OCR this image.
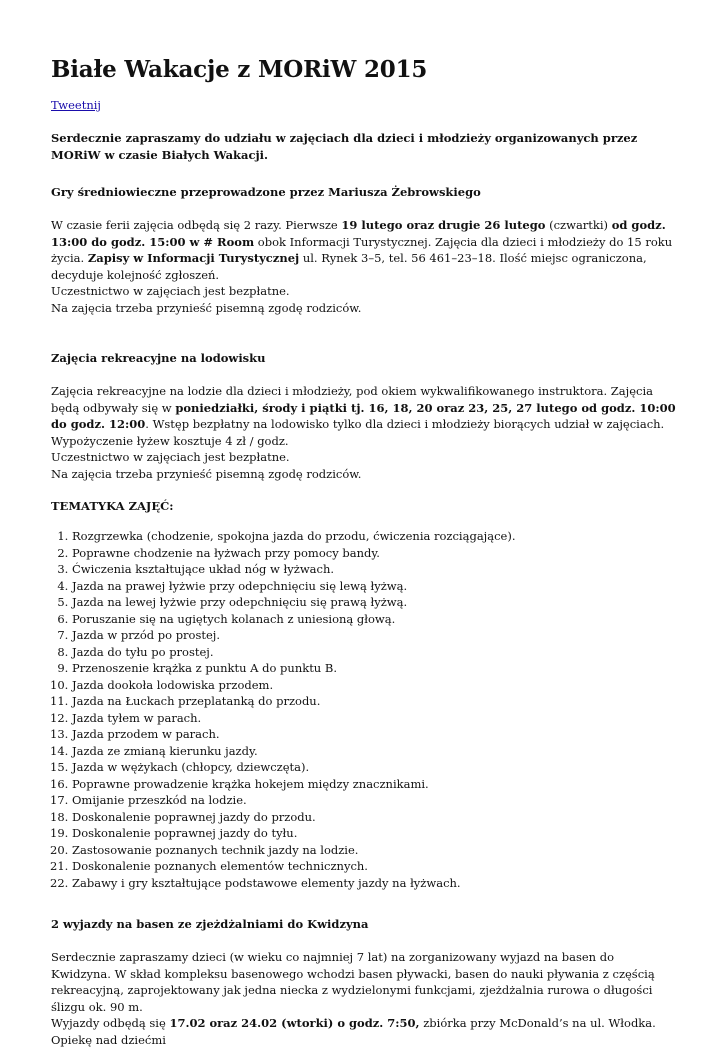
Białe Wakacje z MORiW 2015
Tweetnij

Serdecznie zapraszamy do udziału w zajęciach dla dzieci i młodzieży organizowanych przez MORiW w czasie Białych Wakacji.

Gry średniowieczne przeprowadzone przez Mariusza Żebrowskiego

W czasie ferii zajęcia odbędą się 2 razy. Pierwsze 19 lutego oraz drugie 26 lutego (czwartki) od godz. 13:00 do godz. 15:00 w # Room obok Informacji Turystycznej. Zajęcia dla dzieci i młodzieży do 15 roku życia. Zapisy w Informacji Turystycznej ul. Rynek 3–5, tel. 56 461–23–18. Ilość miejsc ograniczona, decyduje kolejność zgłoszeń.
Uczestnictwo w zajęciach jest bezpłatne.
Na zajęcia trzeba przynieść pisemną zgodę rodziców.

Zajęcia rekreacyjne na lodowisku

Zajęcia rekreacyjne na lodzie dla dzieci i młodzieży, pod okiem wykwalifikowanego instruktora. Zajęcia będą odbywały się w poniedziałki, środy i piątki tj. 16, 18, 20 oraz 23, 25, 27 lutego od godz. 10:00 do godz. 12:00. Wstęp bezpłatny na lodowisko tylko dla dzieci i młodzieży biorących udział w zajęciach. Wypożyczenie łyżew kosztuje 4 zł / godz.
Uczestnictwo w zajęciach jest bezpłatne.
Na zajęcia trzeba przynieść pisemną zgodę rodziców.

TEMATYKA ZAJĘĆ:

1. Rozgrzewka (chodzenie, spokojna jazda do przodu, ćwiczenia rozciągające).
2. Poprawne chodzenie na łyżwach przy pomocy bandy.
3. Ćwiczenia kształtujące układ nóg w łyżwach.
4. Jazda na prawej łyżwie przy odepchnięciu się lewą łyżwą.
5. Jazda na lewej łyżwie przy odepchnięciu się prawą łyżwą.
6. Poruszanie się na ugiętych kolanach z uniesioną głową.
7. Jazda w przód po prostej.
8. Jazda do tyłu po prostej.
9. Przenoszenie krążka z punktu A do punktu B.
10. Jazda dookoła lodowiska przodem.
11. Jazda na Łuckach przeplatanką do przodu.
12. Jazda tyłem w parach.
13. Jazda przodem w parach.
14. Jazda ze zmianą kierunku jazdy.
15. Jazda w wężykach (chłopcy, dziewczęta).
16. Poprawne prowadzenie krążka hokejem między znacznikami.
17. Omijanie przeszkód na lodzie.
18. Doskonalenie poprawnej jazdy do przodu.
19. Doskonalenie poprawnej jazdy do tyłu.
20. Zastosowanie poznanych technik jazdy na lodzie.
21. Doskonalenie poznanych elementów technicznych.
22. Zabawy i gry kształtujące podstawowe elementy jazdy na łyżwach.

2 wyjazdy na basen ze zjeżdżalniami do Kwidzyna

Serdecznie zapraszamy dzieci (w wieku co najmniej 7 lat) na zorganizowany wyjazd na basen do Kwidzyna. W skład kompleksu basenowego wchodzi basen pływacki, basen do nauki pływania z częścią rekreacyjną, zaprojektowany jak jedna niecka z wydzielonymi funkcjami, zjeżdżalnia rurowa o długości ślizgu ok. 90 m.
Wyjazdy odbędą się 17.02 oraz 24.02 (wtorki) o godz. 7:50, zbiórka przy McDonald’s na ul. Włodka. Opiekę nad dziećmi
